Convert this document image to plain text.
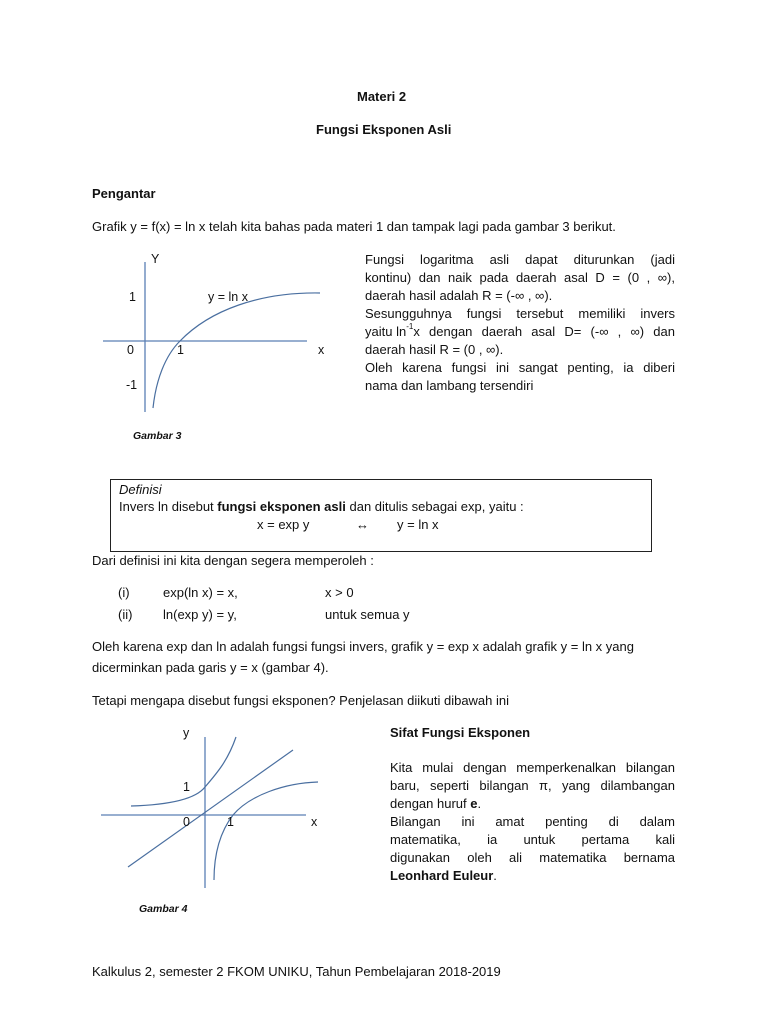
Materi 2
Fungsi Eksponen Asli
Pengantar
Grafik y = f(x) = ln x telah kita bahas pada materi 1 dan tampak lagi pada gambar 3 berikut.
Y
1	y = ln x
0	1	x
-1
Gambar 3
Fungsi logaritma asli dapat diturunkan (jadi
kontinu) dan naik pada daerah asal D = (0 , ∞),
daerah hasil adalah R = (-∞ , ∞).
Sesungguhnya fungsi tersebut memiliki invers
yaitu ln -1 x dengan daerah asal D= (-∞ , ∞) dan
daerah hasil R = (0 , ∞).
Oleh karena fungsi ini sangat penting, ia diberi
nama dan lambang tersendiri
Definisi
Invers ln disebut fungsi eksponen asli dan ditulis sebagai exp, yaitu :
x = exp y	↔ y = ln x
Dari definisi ini kita dengan segera memperoleh :
(i)	exp(ln x) = x,	x > 0
(ii) ln(exp y) = y,	untuk semua y
Oleh karena exp dan ln adalah fungsi fungsi invers, grafik y = exp x adalah grafik y = ln x yang
dicerminkan pada garis y = x (gambar 4).
Tetapi mengapa disebut fungsi eksponen? Penjelasan diikuti dibawah ini
y
1
0	1	x
Gambar 4
Sifat Fungsi Eksponen
Kita mulai dengan memperkenalkan bilangan
baru, seperti bilangan π, yang dilambangan
dengan huruf e.
Bilangan ini amat penting di dalam
matematika, ia untuk pertama kali
digunakan oleh ali matematika bernama
Leonhard Euleur.
Kalkulus 2, semester 2 FKOM UNIKU, Tahun Pembelajaran 2018-2019
